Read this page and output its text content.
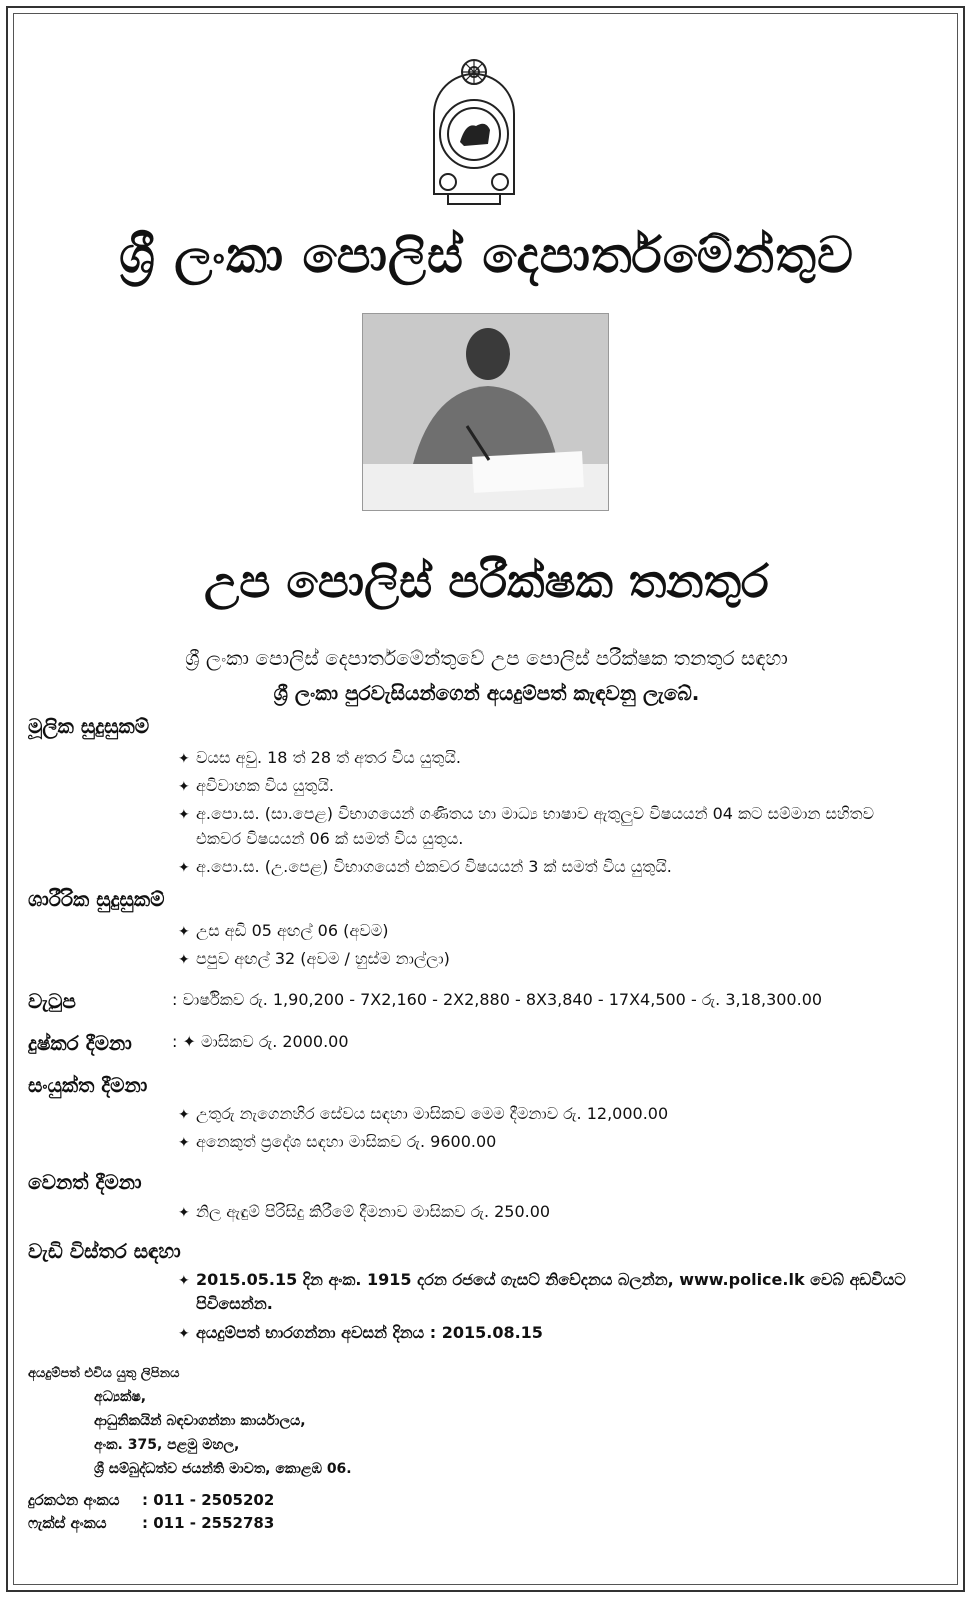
ශ්‍රී ලංකා පොලිස් දෙපාර්තමේන්තුව
උප පොලිස් පරීක්ෂක තනතුර
ශ්‍රී ලංකා පොලිස් දෙපාර්තමේන්තුවේ උප පොලිස් පරීක්ෂක තනතුර සඳහා
ශ්‍රී ලංකා පුරවැසියන්ගෙන් අයදුම්පත් කැඳවනු ලැබේ.
මූලික සුදුසුකම්
✦ වයස අවු. 18 ත් 28 ත් අතර විය යුතුයි.
✦ අවිවාහක විය යුතුයි.
✦ අ.පො.ස. (සා.පෙළ) විභාගයෙන් ගණිතය හා මාධ්‍ය භාෂාව ඇතුලුව විෂයයන් 04 කට සම්මාන සහිතව
එකවර විෂයයන් 06 ක් සමත් විය යුතුය.
✦ අ.පො.ස. (උ.පෙළ) විභාගයෙන් එකවර විෂයයන් 3 ක් සමත් විය යුතුයි.
ශාරීරික සුදුසුකම්
✦ උස අඩි 05 අඟල් 06 (අවම)
✦ පපුව අඟල් 32 (අවම / හුස්ම නාල්ලා)
වැටුප	: වාර්ෂිකව රු. 1,90,200 - 7X2,160 - 2X2,880 - 8X3,840 - 17X4,500 - රු. 3,18,300.00
දුෂ්කර දීමනා	: ✦ මාසිකව රු. 2000.00
සංයුක්ත දීමනා
✦ උතුරු නැගෙනහිර සේවය සඳහා මාසිකව මෙම දීමනාව රු. 12,000.00
✦ අනෙකුත් ප්‍රදේශ සඳහා මාසිකව රු. 9600.00
වෙනත් දීමනා
✦ නිල ඇඳුම් පිරිසිදු කිරීමේ දීමනාව මාසිකව රු. 250.00
වැඩි විස්තර සඳහා
✦ 2015.05.15 දින අංක. 1915 දරන රජයේ ගැසට් නිවේදනය බලන්න, www.police.lk වෙබ් අඩවියට
පිවිසෙන්න.
✦ අයදුම්පත් භාරගන්නා අවසන් දිනය : 2015.08.15
අයදුම්පත් එවිය යුතු ලිපිනය
අධ්‍යක්ෂ,
ආධුනිකයින් බඳවාගන්නා කාර්යාලය,
අංක. 375, පළමු මහල,
ශ්‍රී සම්බුද්ධත්ව ජයන්ති මාවත, කොළඹ 06.
දුරකථන අංකය : 011 - 2505202
ෆැක්ස් අංකය : 011 - 2552783
